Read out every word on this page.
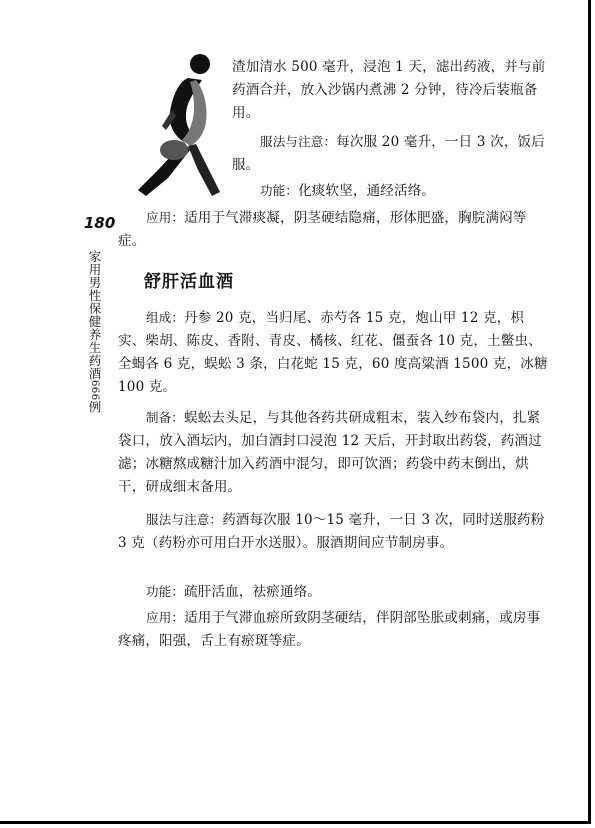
渣加清水 500 毫升，浸泡 1 天，滤出药液，并与前药酒合并，放入沙锅内煮沸 2 分钟，待冷后装瓶备用。
服法与注意：每次服 20 毫升，一日 3 次，饭后服。
功能：化痰软坚，通经活络。
180	应用：适用于气滞痰凝，阴茎硬结隐痛，形体肥盛，胸脘满闷等症。
家用男性保健养生药酒666例
舒肝活血酒
组成：丹参 20 克，当归尾、赤芍各 15 克，炮山甲 12 克，枳实、柴胡、陈皮、香附、青皮、橘核、红花、僵蚕各 10 克，土鳖虫、全蝎各 6 克，蜈蚣 3 条，白花蛇 15 克，60 度高粱酒 1500 克，冰糖 100 克。
制备：蜈蚣去头足，与其他各药共研成粗末，装入纱布袋内，扎紧袋口，放入酒坛内，加白酒封口浸泡 12 天后，开封取出药袋，药酒过滤；冰糖熬成糖汁加入药酒中混匀，即可饮酒；药袋中药末倒出，烘干，研成细末备用。
服法与注意：药酒每次服 10～15 毫升，一日 3 次，同时送服药粉 3 克（药粉亦可用白开水送服）。服酒期间应节制房事。
功能：疏肝活血，祛瘀通络。
应用：适用于气滞血瘀所致阴茎硬结，伴阴部坠胀或刺痛，或房事疼痛，阳强，舌上有瘀斑等症。
